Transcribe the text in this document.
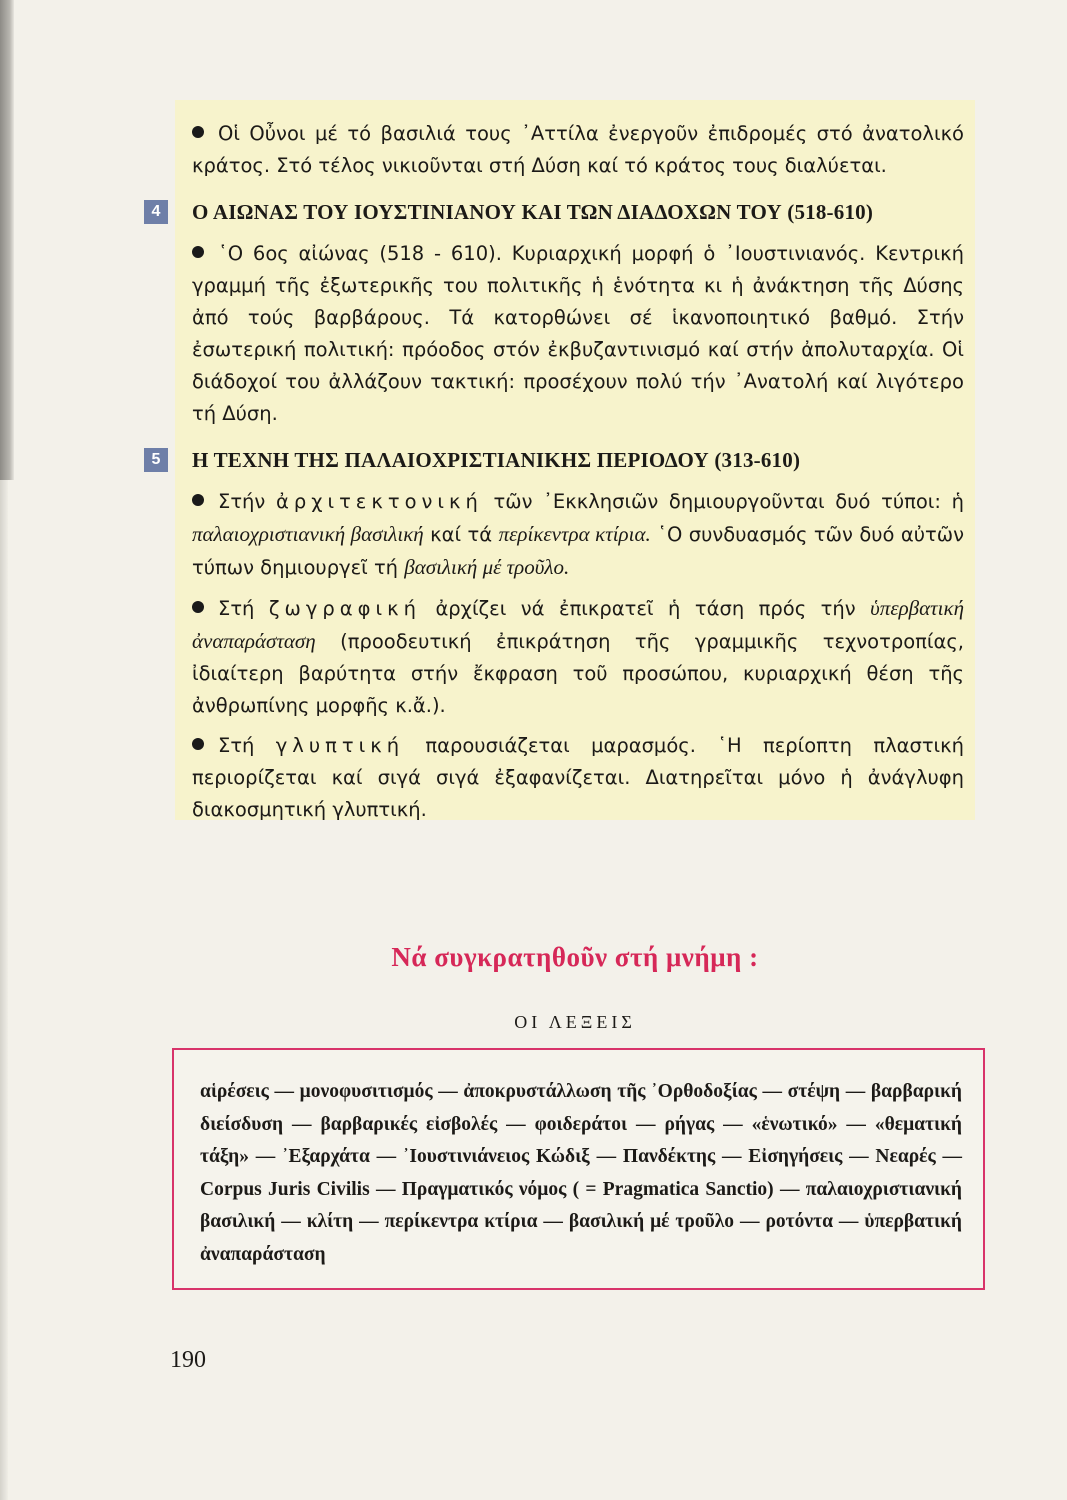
Οἱ Οὖνοι μέ τό βασιλιά τους ᾿Αττίλα ἐνεργοῦν ἐπιδρομές στό ἀνατολικό κράτος. Στό τέλος νικιοῦνται στή Δύση καί τό κράτος τους διαλύεται.

4	Ο ΑΙΩΝΑΣ ΤΟΥ ΙΟΥΣΤΙΝΙΑΝΟΥ ΚΑΙ ΤΩΝ ΔΙΑΔΟΧΩΝ ΤΟΥ (518-610)

῾Ο 6ος αἰώνας (518 - 610). Κυριαρχική μορφή ὁ ᾿Ιουστινιανός. Κεντρική γραμμή τῆς ἐξωτερικῆς του πολιτικῆς ἡ ἑνότητα κι ἡ ἀνάκτηση τῆς Δύσης ἀπό τούς βαρβάρους. Τά κατορθώνει σέ ἱκανοποιητικό βαθμό. Στήν ἐσωτερική πολιτική: πρόοδος στόν ἐκβυζαντινισμό καί στήν ἀπολυταρχία. Οἱ διάδοχοί του ἀλλάζουν τακτική: προσέχουν πολύ τήν ᾿Ανατολή καί λιγότερο τή Δύση.

5	Η ΤΕΧΝΗ ΤΗΣ ΠΑΛΑΙΟΧΡΙΣΤΙΑΝΙΚΗΣ ΠΕΡΙΟΔΟΥ (313-610)

Στήν ἀρχιτεκτονική τῶν ᾿Εκκλησιῶν δημιουργοῦνται δυό τύποι: ἡ παλαιοχριστιανική βασιλική καί τά περίκεντρα κτίρια. ῾Ο συνδυασμός τῶν δυό αὐτῶν τύπων δημιουργεῖ τή βασιλική μέ τροῦλο.

Στή ζωγραφική ἀρχίζει νά ἐπικρατεῖ ἡ τάση πρός τήν ὑπερβατική ἀναπαράσταση (προοδευτική ἐπικράτηση τῆς γραμμικῆς τεχνοτροπίας, ἰδιαίτερη βαρύτητα στήν ἔκφραση τοῦ προσώπου, κυριαρχική θέση τῆς ἀνθρωπίνης μορφῆς κ.ἄ.).

Στή γλυπτική παρουσιάζεται μαρασμός. ῾Η περίοπτη πλαστική περιορίζεται καί σιγά σιγά ἐξαφανίζεται. Διατηρεῖται μόνο ἡ ἀνάγλυφη διακοσμητική γλυπτική.

Νά συγκρατηθοῦν στή μνήμη :
ΟΙ ΛΕΞΕΙΣ

αἱρέσεις — μονοφυσιτισμός — ἀποκρυστάλλωση τῆς ᾿Ορθοδοξίας — στέψη — βαρβαρική διείσδυση — βαρβαρικές εἰσβολές — φοιδεράτοι — ρήγας — «ἑνωτικό» — «θεματική τάξη» — ᾿Εξαρχάτα — ᾿Ιουστινιάνειος Κώδιξ — Πανδέκτης — Εἰσηγήσεις — Νεαρές — Corpus Juris Civilis — Πραγματικός νόμος ( = Pragmatica Sanctio) — παλαιοχριστιανική βασιλική — κλίτη — περίκεντρα κτίρια — βασιλική μέ τροῦλο — ροτόντα — ὑπερβατική ἀναπαράσταση

190
